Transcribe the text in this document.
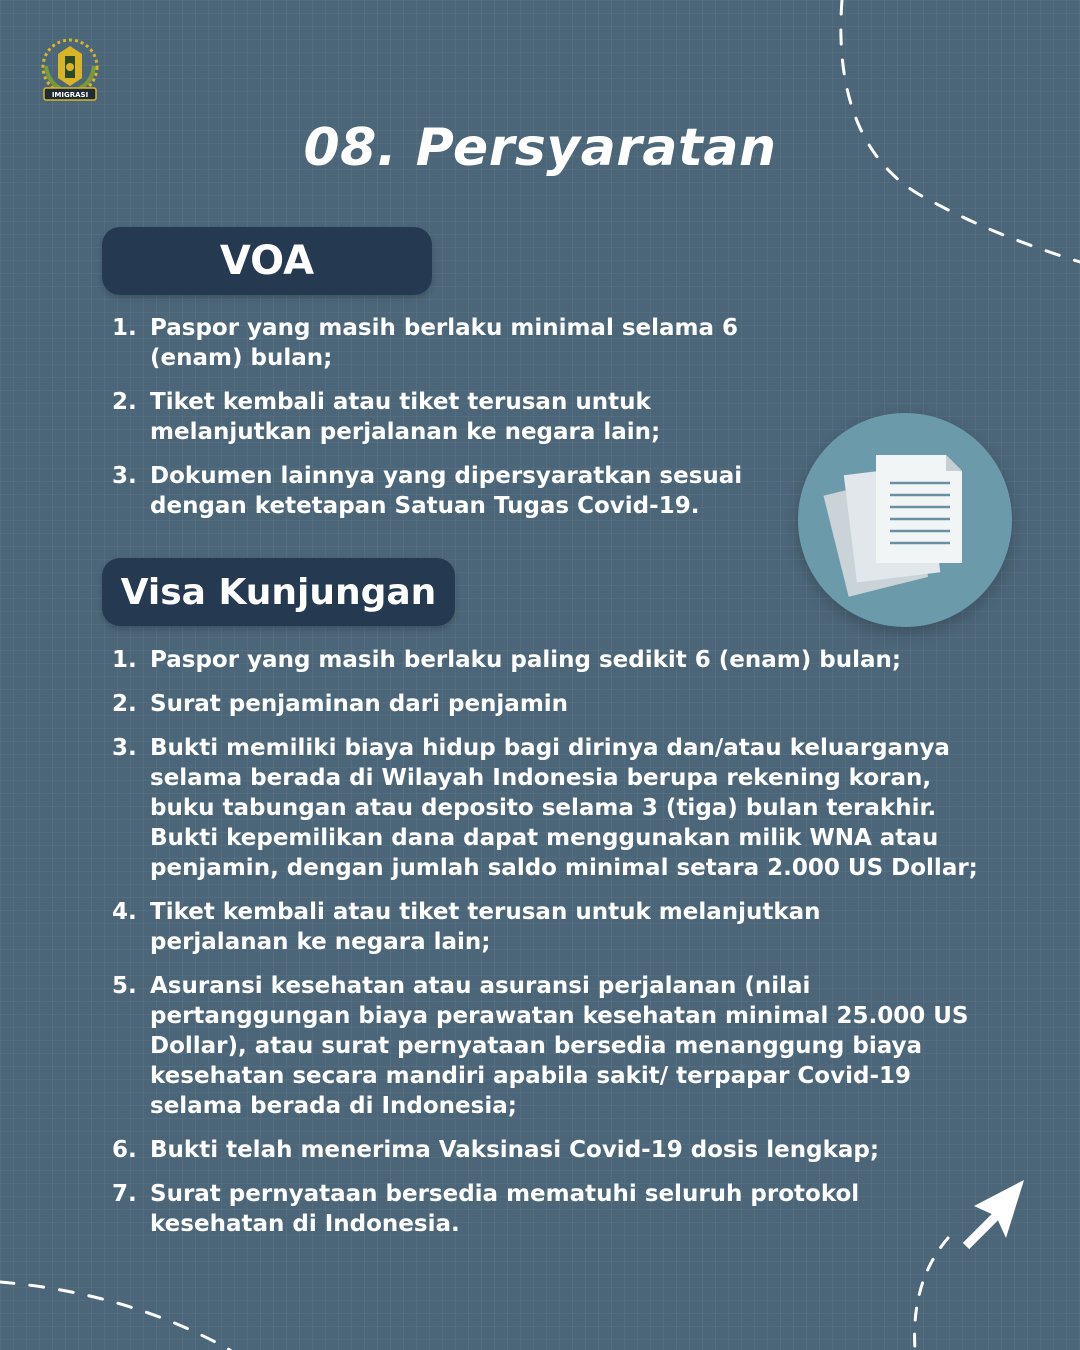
IMIGRASI
08. Persyaratan
VOA
1. Paspor yang masih berlaku minimal selama 6 (enam) bulan;
2. Tiket kembali atau tiket terusan untuk melanjutkan perjalanan ke negara lain;
3. Dokumen lainnya yang dipersyaratkan sesuai dengan ketetapan Satuan Tugas Covid-19.
Visa Kunjungan
1. Paspor yang masih berlaku paling sedikit 6 (enam) bulan;
2. Surat penjaminan dari penjamin
3. Bukti memiliki biaya hidup bagi dirinya dan/atau keluarganya selama berada di Wilayah Indonesia berupa rekening koran, buku tabungan atau deposito selama 3 (tiga) bulan terakhir. Bukti kepemilikan dana dapat menggunakan milik WNA atau penjamin, dengan jumlah saldo minimal setara 2.000 US Dollar;
4. Tiket kembali atau tiket terusan untuk melanjutkan perjalanan ke negara lain;
5. Asuransi kesehatan atau asuransi perjalanan (nilai pertanggungan biaya perawatan kesehatan minimal 25.000 US Dollar), atau surat pernyataan bersedia menanggung biaya kesehatan secara mandiri apabila sakit/ terpapar Covid-19 selama berada di Indonesia;
6. Bukti telah menerima Vaksinasi Covid-19 dosis lengkap;
7. Surat pernyataan bersedia mematuhi seluruh protokol kesehatan di Indonesia.
